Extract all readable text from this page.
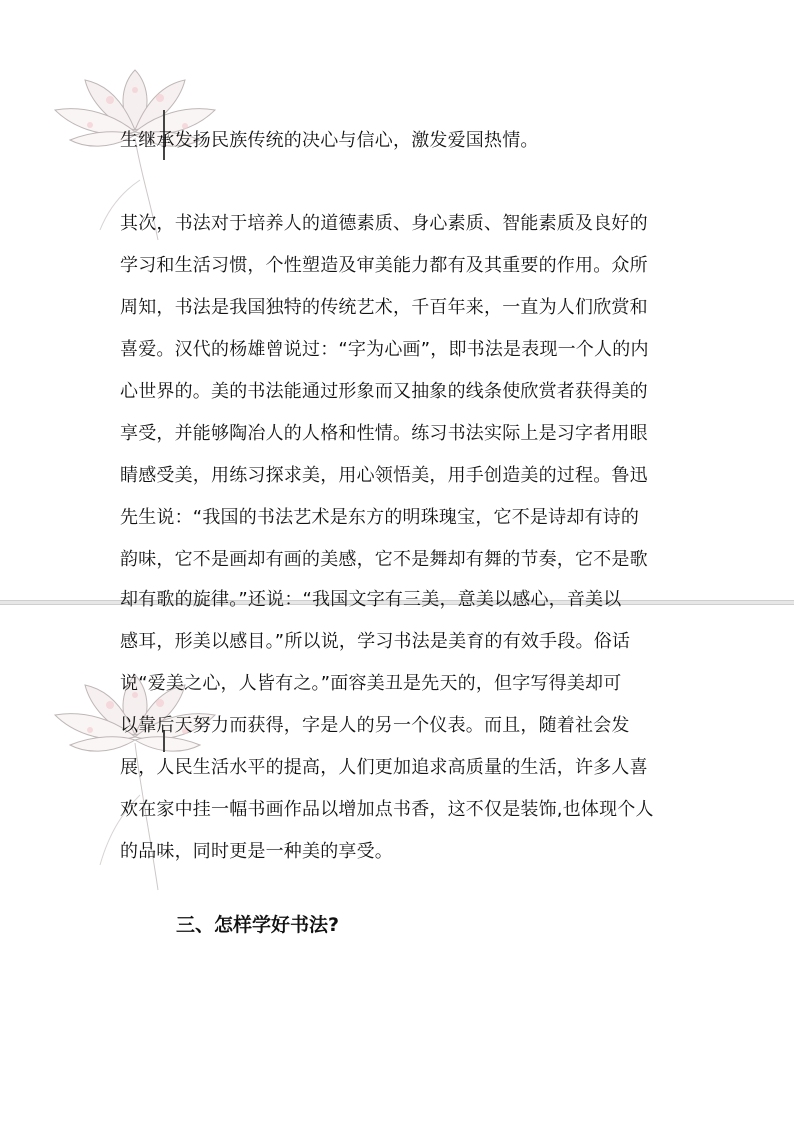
生继承发扬民族传统的决心与信心，激发爱国热情。
其次，书法对于培养人的道德素质、身心素质、智能素质及良好的
学习和生活习惯，个性塑造及审美能力都有及其重要的作用。众所
周知，书法是我国独特的传统艺术，千百年来，一直为人们欣赏和
喜爱。汉代的杨雄曾说过：“字为心画”，即书法是表现一个人的内
心世界的。美的书法能通过形象而又抽象的线条使欣赏者获得美的
享受，并能够陶冶人的人格和性情。练习书法实际上是习字者用眼
睛感受美，用练习探求美，用心领悟美，用手创造美的过程。鲁迅
先生说：“我国的书法艺术是东方的明珠瑰宝，它不是诗却有诗的
韵味，它不是画却有画的美感，它不是舞却有舞的节奏，它不是歌
却有歌的旋律。”还说：“我国文字有三美，意美以感心，音美以
感耳，形美以感目。”所以说，学习书法是美育的有效手段。俗话
说“爱美之心，人皆有之。”面容美丑是先天的，但字写得美却可
以靠后天努力而获得，字是人的另一个仪表。而且，随着社会发
展，人民生活水平的提高，人们更加追求高质量的生活，许多人喜
欢在家中挂一幅书画作品以增加点书香，这不仅是装饰,也体现个人
的品味，同时更是一种美的享受。
三、怎样学好书法?
